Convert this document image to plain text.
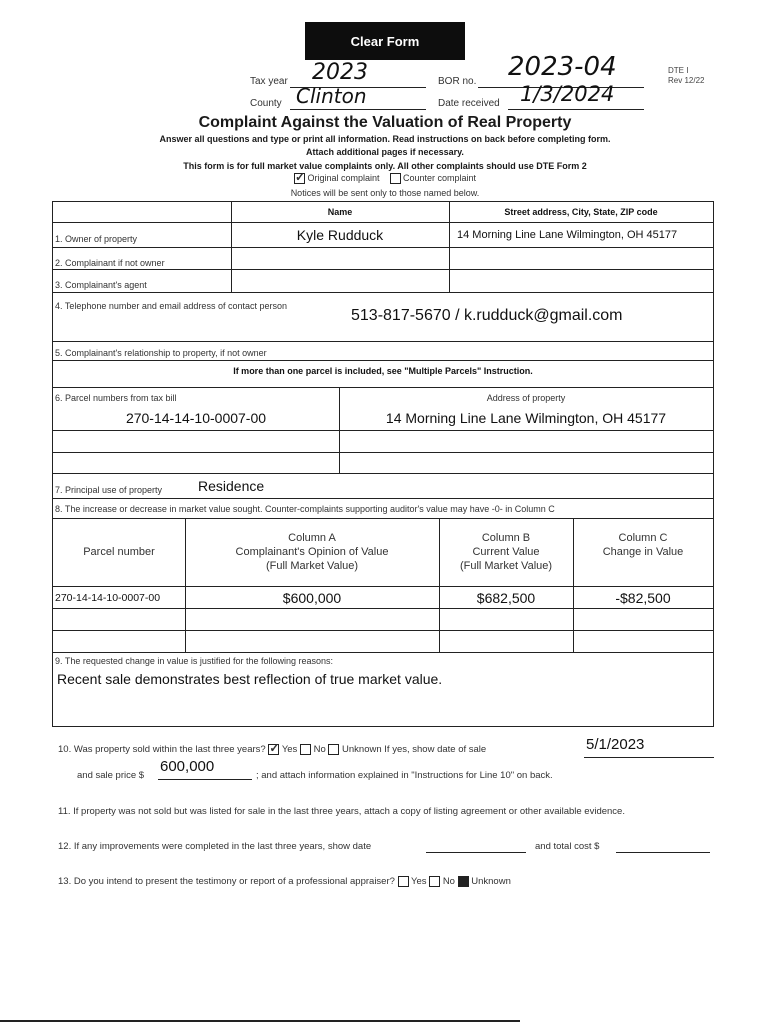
Clear Form
DTE I
Rev 12/22
Tax year 2023	BOR no. 2023-04
County Clinton	Date received 1/3/2024
Complaint Against the Valuation of Real Property
Answer all questions and type or print all information. Read instructions on back before completing form.
Attach additional pages if necessary.
This form is for full market value complaints only. All other complaints should use DTE Form 2
✓ Original complaint	Counter complaint
Notices will be sent only to those named below.
Name	Street address, City, State, ZIP code
1. Owner of property	Kyle Rudduck	14 Morning Line Lane Wilmington, OH 45177
2. Complainant if not owner
3. Complainant's agent
4. Telephone number and email address of contact person
513-817-5670 / k.rudduck@gmail.com
5. Complainant's relationship to property, if not owner
If more than one parcel is included, see "Multiple Parcels" Instruction.
6. Parcel numbers from tax bill	Address of property
270-14-14-10-0007-00	14 Morning Line Lane Wilmington, OH 45177
7. Principal use of property	Residence
8. The increase or decrease in market value sought. Counter-complaints supporting auditor's value may have -0- in Column C
Parcel number
Column A
Complainant's Opinion of Value
(Full Market Value)
Column B
Current Value
(Full Market Value)
Column C
Change in Value
270-14-14-10-0007-00	$600,000	$682,500	-$82,500
9. The requested change in value is justified for the following reasons:
Recent sale demonstrates best reflection of true market value.
10. Was property sold within the last three years? ✓ Yes No Unknown If yes, show date of sale	5/1/2023
and sale price $
600,000
; and attach information explained in "Instructions for Line 10" on back.
11. If property was not sold but was listed for sale in the last three years, attach a copy of listing agreement or other available evidence.
12. If any improvements were completed in the last three years, show date	and total cost $
13. Do you intend to present the testimony or report of a professional appraiser? Yes No Unknown
